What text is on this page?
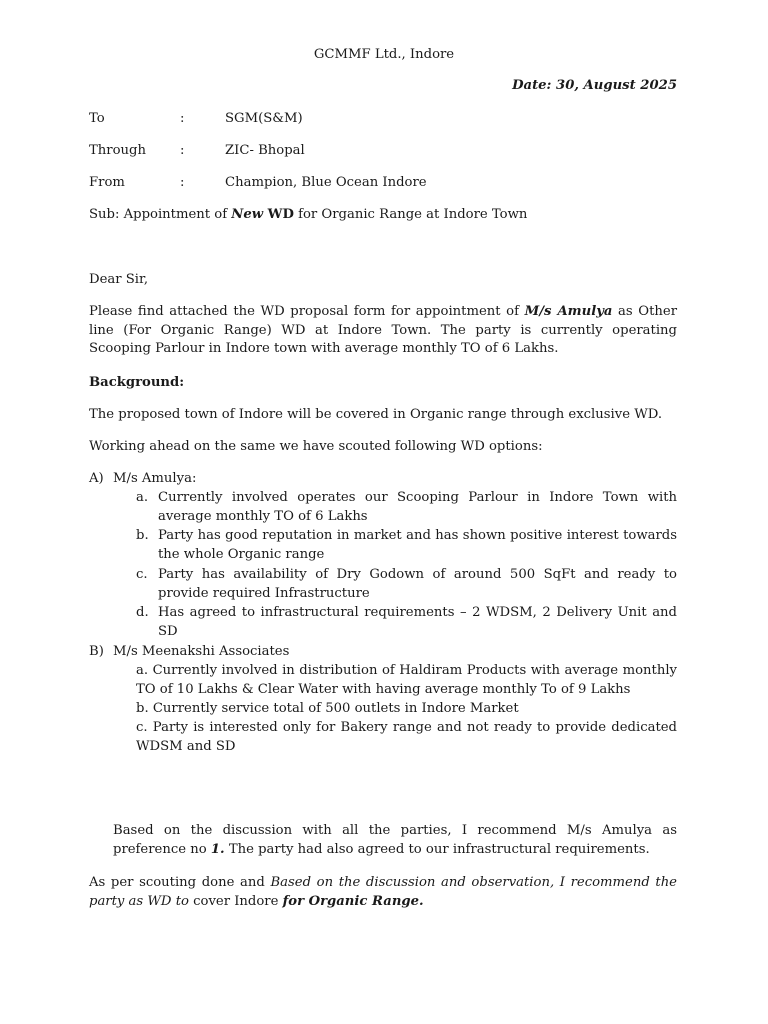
GCMMF Ltd., Indore
Date: 30, August 2025
To	:	SGM(S&M)
Through	:	ZIC- Bhopal
From	:	Champion, Blue Ocean Indore
Sub: Appointment of New WD for Organic Range at Indore Town
Dear Sir,
Please find attached the WD proposal form for appointment of M/s Amulya as Other line (For Organic Range) WD at Indore Town. The party is currently operating Scooping Parlour in Indore town with average monthly TO of 6 Lakhs.
Background:
The proposed town of Indore will be covered in Organic range through exclusive WD.
Working ahead on the same we have scouted following WD options:
A) M/s Amulya:
a. Currently involved operates our Scooping Parlour in Indore Town with average monthly TO of 6 Lakhs
b. Party has good reputation in market and has shown positive interest towards the whole Organic range
c. Party has availability of Dry Godown of around 500 SqFt and ready to provide required Infrastructure
d. Has agreed to infrastructural requirements – 2 WDSM, 2 Delivery Unit and SD
B) M/s Meenakshi Associates
a. Currently involved in distribution of Haldiram Products with average monthly TO of 10 Lakhs & Clear Water with having average monthly To of 9 Lakhs
b. Currently service total of 500 outlets in Indore Market
c. Party is interested only for Bakery range and not ready to provide dedicated WDSM and SD
Based on the discussion with all the parties, I recommend M/s Amulya as preference no 1. The party had also agreed to our infrastructural requirements.
As per scouting done and Based on the discussion and observation, I recommend the party as WD to cover Indore for Organic Range.
